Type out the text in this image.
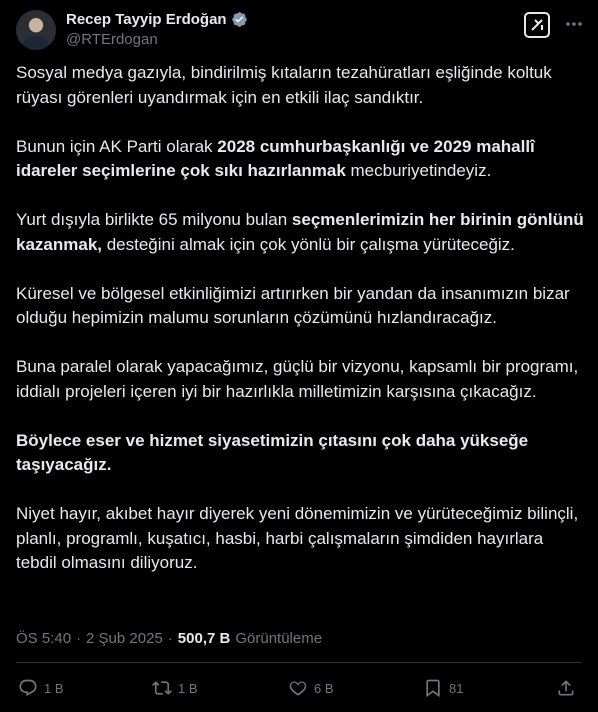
Recep Tayyip Erdoğan
@RTErdogan

Sosyal medya gazıyla, bindirilmiş kıtaların tezahüratları eşliğinde koltuk rüyası görenleri uyandırmak için en etkili ilaç sandıktır.

Bunun için AK Parti olarak 2028 cumhurbaşkanlığı ve 2029 mahallî idareler seçimlerine çok sıkı hazırlanmak mecburiyetindeyiz.

Yurt dışıyla birlikte 65 milyonu bulan seçmenlerimizin her birinin gönlünü kazanmak, desteğini almak için çok yönlü bir çalışma yürüteceğiz.

Küresel ve bölgesel etkinliğimizi artırırken bir yandan da insanımızın bizar olduğu hepimizin malumu sorunların çözümünü hızlandıracağız.

Buna paralel olarak yapacağımız, güçlü bir vizyonu, kapsamlı bir programı, iddialı projeleri içeren iyi bir hazırlıkla milletimizin karşısına çıkacağız.

Böylece eser ve hizmet siyasetimizin çıtasını çok daha yükseğe taşıyacağız.

Niyet hayır, akıbet hayır diyerek yeni dönemimizin ve yürüteceğimiz bilinçli, planlı, programlı, kuşatıcı, hasbi, harbi çalışmaların şimdiden hayırlara tebdil olmasını diliyoruz.

ÖS 5:40 · 2 Şub 2025 · 500,7 B Görüntüleme
1 B	1 B	6 B	81
